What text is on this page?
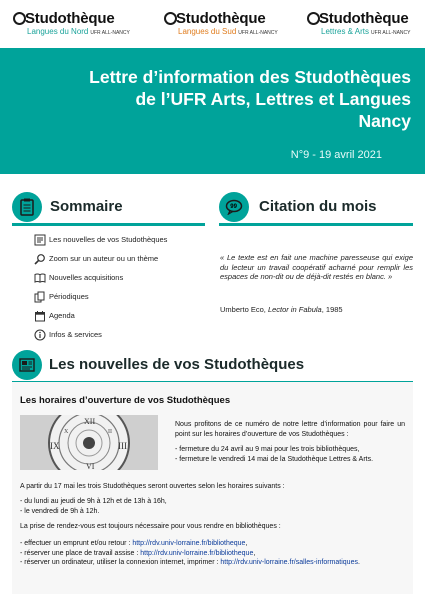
Studothèque
Langues du Nord UFR ALL-NANCY
Studothèque
Langues du Sud UFR ALL-NANCY
Studothèque
Lettres & Arts UFR ALL-NANCY
Lettre d’information des Studothèques
de l’UFR Arts, Lettres et Langues
Nancy
N°9 - 19 avril 2021
Sommaire	99 Citation du mois
Les nouvelles de vos Studothèques
Zoom sur un auteur ou un thème
Nouvelles acquisitions
Périodiques
Agenda
Infos & services
« Le texte est en fait une machine paresseuse qui exige du lecteur un travail coopératif acharné pour remplir les espaces de non-dit ou de déjà-dit restés en blanc. »
Umberto Eco, Lector in Fabula, 1985
Les nouvelles de vos Studothèques
Les horaires d’ouverture de vos Studothèques
IX	III
XII
VI
X	II
Nous profitons de ce numéro de notre lettre d’information pour faire un point sur les horaires d’ouverture de vos Studothèques :
- fermeture du 24 avril au 9 mai pour les trois bibliothèques,
- fermeture le vendredi 14 mai de la Studothèque Lettres & Arts.
A partir du 17 mai les trois Studothèques seront ouvertes selon les horaires suivants :
- du lundi au jeudi de 9h à 12h et de 13h à 16h,
- le vendredi de 9h à 12h.
La prise de rendez-vous est toujours nécessaire pour vous rendre en bibliothèques :
- effectuer un emprunt et/ou retour : http://rdv.univ-lorraine.fr/bibliotheque,
- réserver une place de travail assise : http://rdv.univ-lorraine.fr/bibliotheque,
- réserver un ordinateur, utiliser la connexion internet, imprimer : http://rdv.univ-lorraine.fr/salles-informatiques.
